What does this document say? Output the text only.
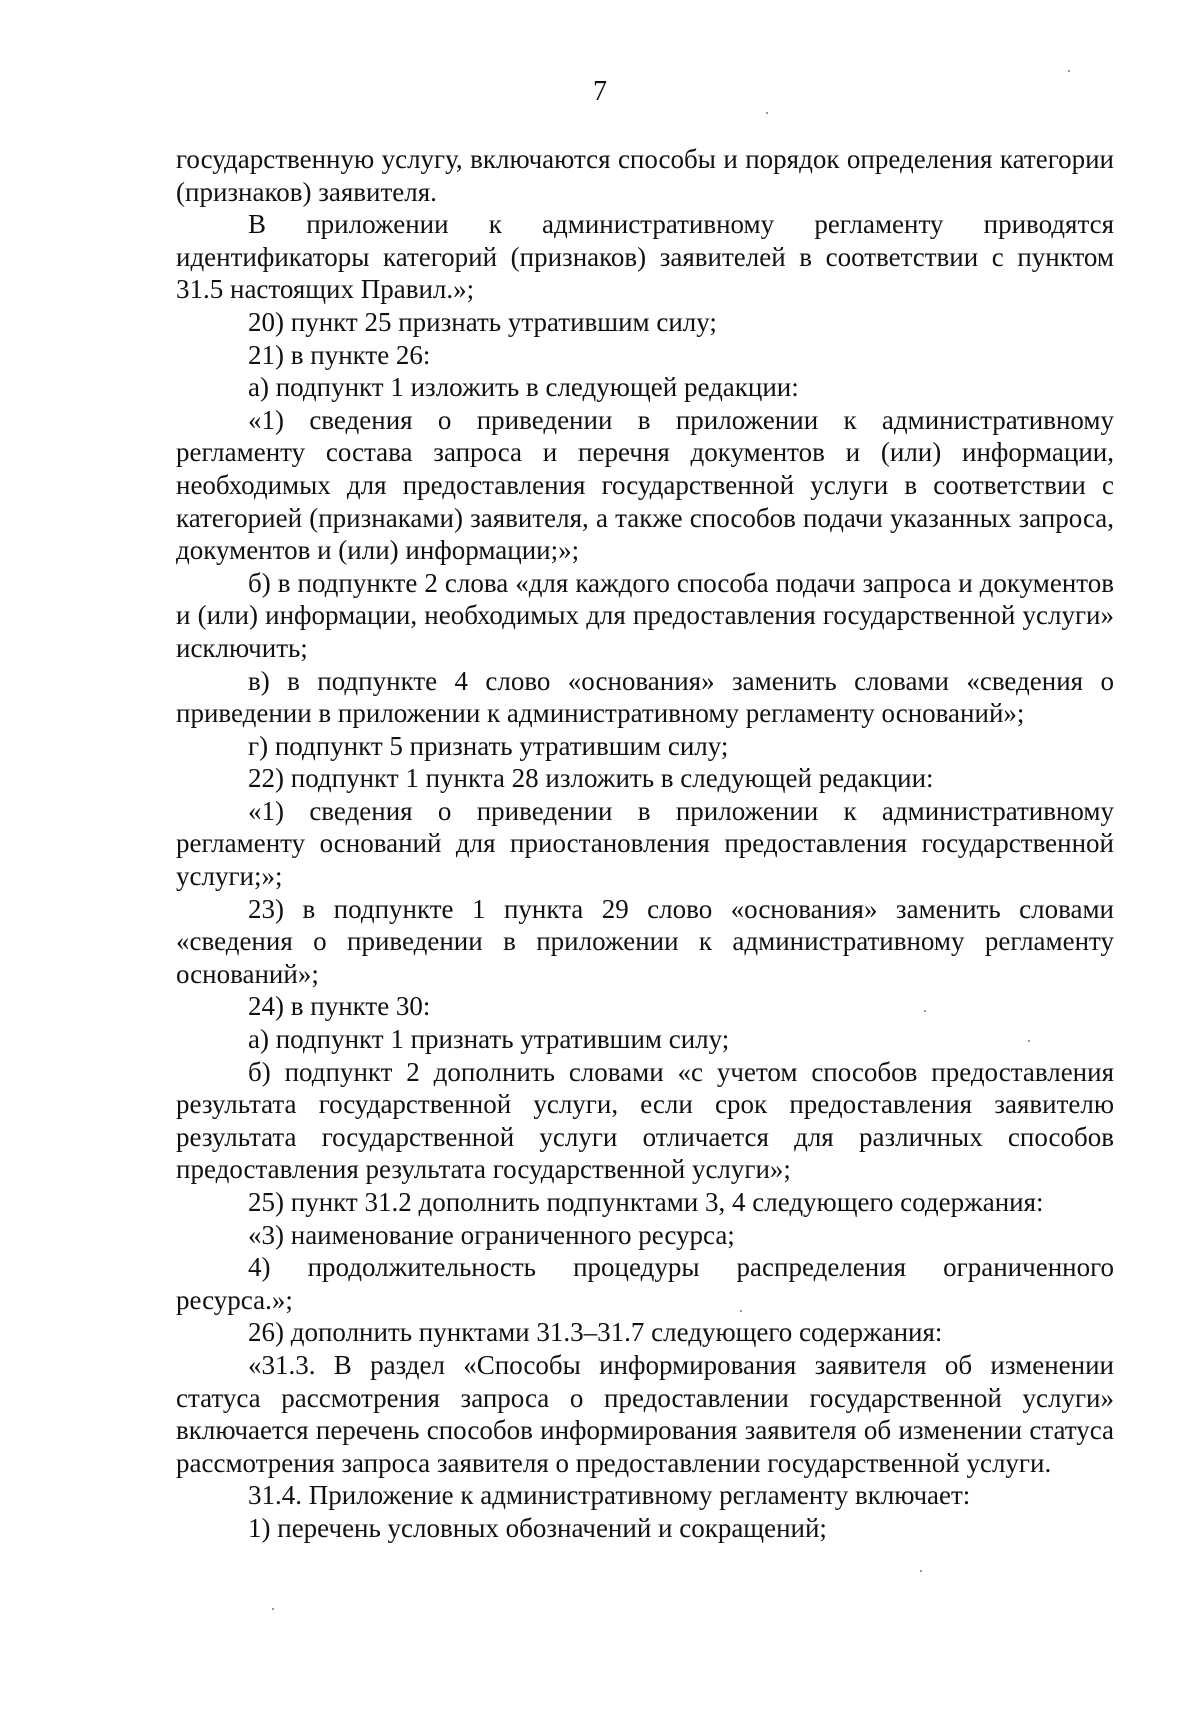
7

государственную услугу, включаются способы и порядок определения категории (признаков) заявителя.

В приложении к административному регламенту приводятся идентификаторы категорий (признаков) заявителей в соответствии с пунктом 31.5 настоящих Правил.»;

20) пункт 25 признать утратившим силу;

21) в пункте 26:

а) подпункт 1 изложить в следующей редакции:

«1) сведения о приведении в приложении к административному регламенту состава запроса и перечня документов и (или) информации, необходимых для предоставления государственной услуги в соответствии с категорией (признаками) заявителя, а также способов подачи указанных запроса, документов и (или) информации;»;

б) в подпункте 2 слова «для каждого способа подачи запроса и документов и (или) информации, необходимых для предоставления государственной услуги» исключить;

в) в подпункте 4 слово «основания» заменить словами «сведения о приведении в приложении к административному регламенту оснований»;

г) подпункт 5 признать утратившим силу;

22) подпункт 1 пункта 28 изложить в следующей редакции:

«1) сведения о приведении в приложении к административному регламенту оснований для приостановления предоставления государственной услуги;»;

23) в подпункте 1 пункта 29 слово «основания» заменить словами «сведения о приведении в приложении к административному регламенту оснований»;

24) в пункте 30:

а) подпункт 1 признать утратившим силу;

б) подпункт 2 дополнить словами «с учетом способов предоставления результата государственной услуги, если срок предоставления заявителю результата государственной услуги отличается для различных способов предоставления результата государственной услуги»;

25) пункт 31.2 дополнить подпунктами 3, 4 следующего содержания:

«3) наименование ограниченного ресурса;

4) продолжительность процедуры распределения ограниченного ресурса.»;

26) дополнить пунктами 31.3–31.7 следующего содержания:

«31.3. В раздел «Способы информирования заявителя об изменении статуса рассмотрения запроса о предоставлении государственной услуги» включается перечень способов информирования заявителя об изменении статуса рассмотрения запроса заявителя о предоставлении государственной услуги.

31.4. Приложение к административному регламенту включает:

1) перечень условных обозначений и сокращений;
